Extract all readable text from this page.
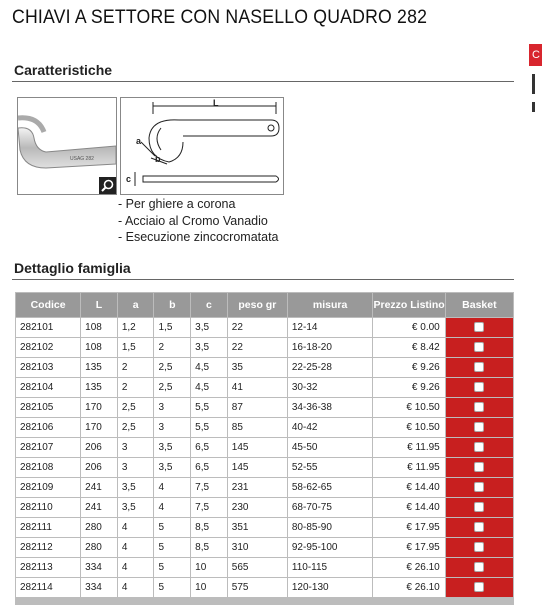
CHIAVI A SETTORE CON NASELLO QUADRO 282
C
Caratteristiche
USAG 282
L
a
b
c
- Per ghiere a corona
- Acciaio al Cromo Vanadio
- Esecuzione zincocromatata
Dettaglio famiglia
Codice	L	a	b	c	peso gr	misura	Prezzo Listino	Basket
282101	108	1,2	1,5	3,5	22	12-14	€ 0.00	
282102	108	1,5	2	3,5	22	16-18-20	€ 8.42	
282103	135	2	2,5	4,5	35	22-25-28	€ 9.26	
282104	135	2	2,5	4,5	41	30-32	€ 9.26	
282105	170	2,5	3	5,5	87	34-36-38	€ 10.50	
282106	170	2,5	3	5,5	85	40-42	€ 10.50	
282107	206	3	3,5	6,5	145	45-50	€ 11.95	
282108	206	3	3,5	6,5	145	52-55	€ 11.95	
282109	241	3,5	4	7,5	231	58-62-65	€ 14.40	
282110	241	3,5	4	7,5	230	68-70-75	€ 14.40	
282111	280	4	5	8,5	351	80-85-90	€ 17.95	
282112	280	4	5	8,5	310	92-95-100	€ 17.95	
282113	334	4	5	10	565	110-115	€ 26.10	
282114	334	4	5	10	575	120-130	€ 26.10	
